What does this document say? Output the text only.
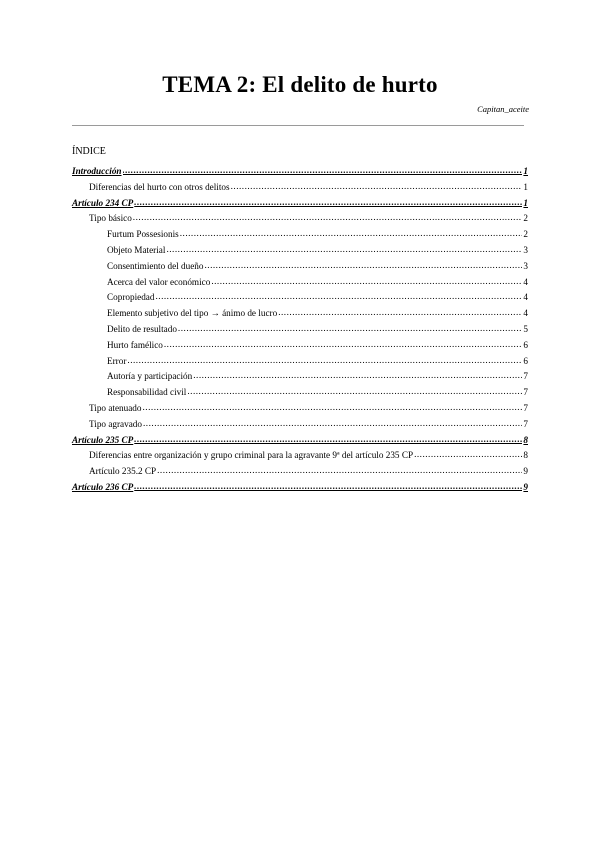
TEMA 2: El delito de hurto
Capitan_aceite
ÍNDICE
Introducción .....	1
Diferencias del hurto con otros delitos .....	1
Artículo 234 CP .....	1
Tipo básico .....	2
Furtum Possesionis .....	2
Objeto Material .....	3
Consentimiento del dueño .....	3
Acerca del valor económico .....	4
Copropiedad .....	4
Elemento subjetivo del tipo → ánimo de lucro .....	4
Delito de resultado .....	5
Hurto famélico .....	6
Error .....	6
Autoría y participación .....	7
Responsabilidad civil .....	7
Tipo atenuado .....	7
Tipo agravado .....	7
Artículo 235 CP .....	8
Diferencias entre organización y grupo criminal para la agravante 9ª del artículo 235 CP .....	8
Artículo 235.2 CP .....	9
Artículo 236 CP .....	9
